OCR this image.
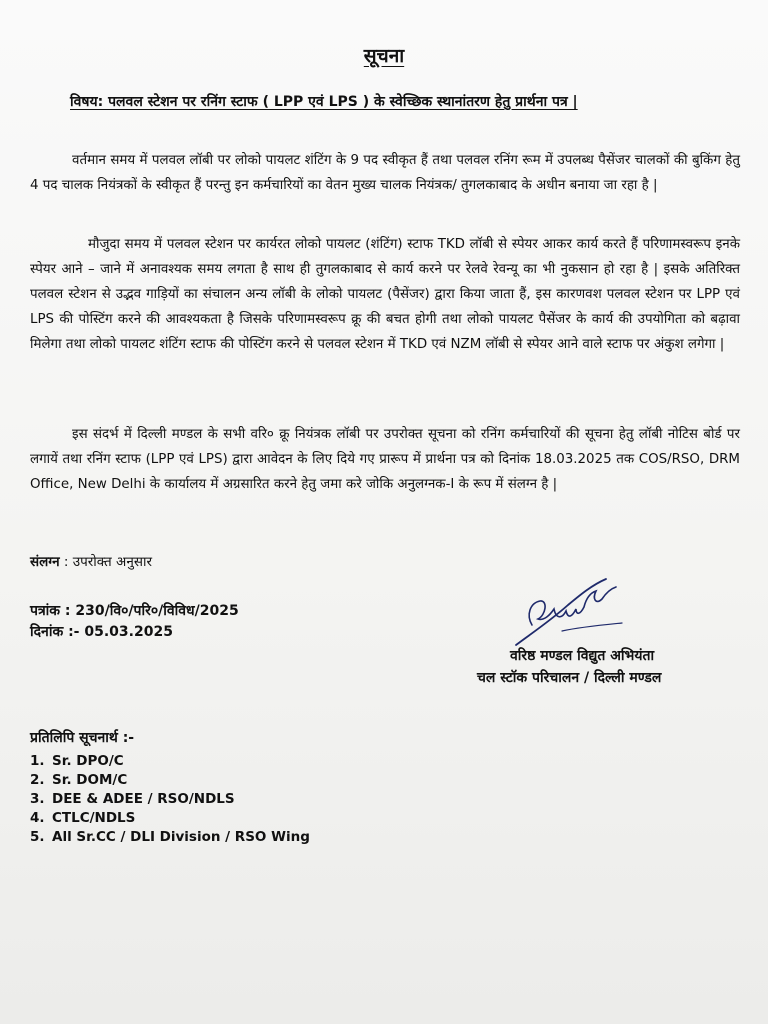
सूचना
विषय: पलवल स्टेशन पर रनिंग स्टाफ ( LPP एवं LPS ) के स्वेच्छिक स्थानांतरण हेतु प्रार्थना पत्र |

वर्तमान समय में पलवल लॉबी पर लोको पायलट शंटिंग के 9 पद स्वीकृत हैं तथा पलवल रनिंग रूम में उपलब्ध पैसेंजर चालकों की बुकिंग हेतु 4 पद चालक नियंत्रकों के स्वीकृत हैं परन्तु इन कर्मचारियों का वेतन मुख्य चालक नियंत्रक/ तुगलकाबाद के अधीन बनाया जा रहा है |

मौजुदा समय में पलवल स्टेशन पर कार्यरत लोको पायलट (शंटिंग) स्टाफ TKD लॉबी से स्पेयर आकर कार्य करते हैं परिणामस्वरूप इनके स्पेयर आने – जाने में अनावश्यक समय लगता है साथ ही तुगलकाबाद से कार्य करने पर रेलवे रेवन्यू का भी नुकसान हो रहा है | इसके अतिरिक्त पलवल स्टेशन से उद्भव गाड़ियों का संचालन अन्य लॉबी के लोको पायलट (पैसेंजर) द्वारा किया जाता हैं, इस कारणवश पलवल स्टेशन पर LPP एवं LPS की पोस्टिंग करने की आवश्यकता है जिसके परिणामस्वरूप क्रू की बचत होगी तथा लोको पायलट पैसेंजर के कार्य की उपयोगिता को बढ़ावा मिलेगा तथा लोको पायलट शंटिंग स्टाफ की पोस्टिंग करने से पलवल स्टेशन में TKD एवं NZM लॉबी से स्पेयर आने वाले स्टाफ पर अंकुश लगेगा |

इस संदर्भ में दिल्ली मण्डल के सभी वरि० क्रू नियंत्रक लॉबी पर उपरोक्त सूचना को रनिंग कर्मचारियों की सूचना हेतु लॉबी नोटिस बोर्ड पर लगायें तथा रनिंग स्टाफ (LPP एवं LPS) द्वारा आवेदन के लिए दिये गए प्रारूप में प्रार्थना पत्र को दिनांक 18.03.2025 तक COS/RSO, DRM Office, New Delhi के कार्यालय में अग्रसारित करने हेतु जमा करे जोकि अनुलग्नक-I के रूप में संलग्न है |

संलग्न : उपरोक्त अनुसार
पत्रांक : 230/वि०/परि०/विविध/2025
दिनांक :- 05.03.2025
वरिष्ठ मण्डल विद्युत अभियंता
चल स्टॉक परिचालन / दिल्ली मण्डल
प्रतिलिपि सूचनार्थ :-
1. Sr. DPO/C
2. Sr. DOM/C
3. DEE & ADEE / RSO/NDLS
4. CTLC/NDLS
5. All Sr.CC / DLI Division / RSO Wing
